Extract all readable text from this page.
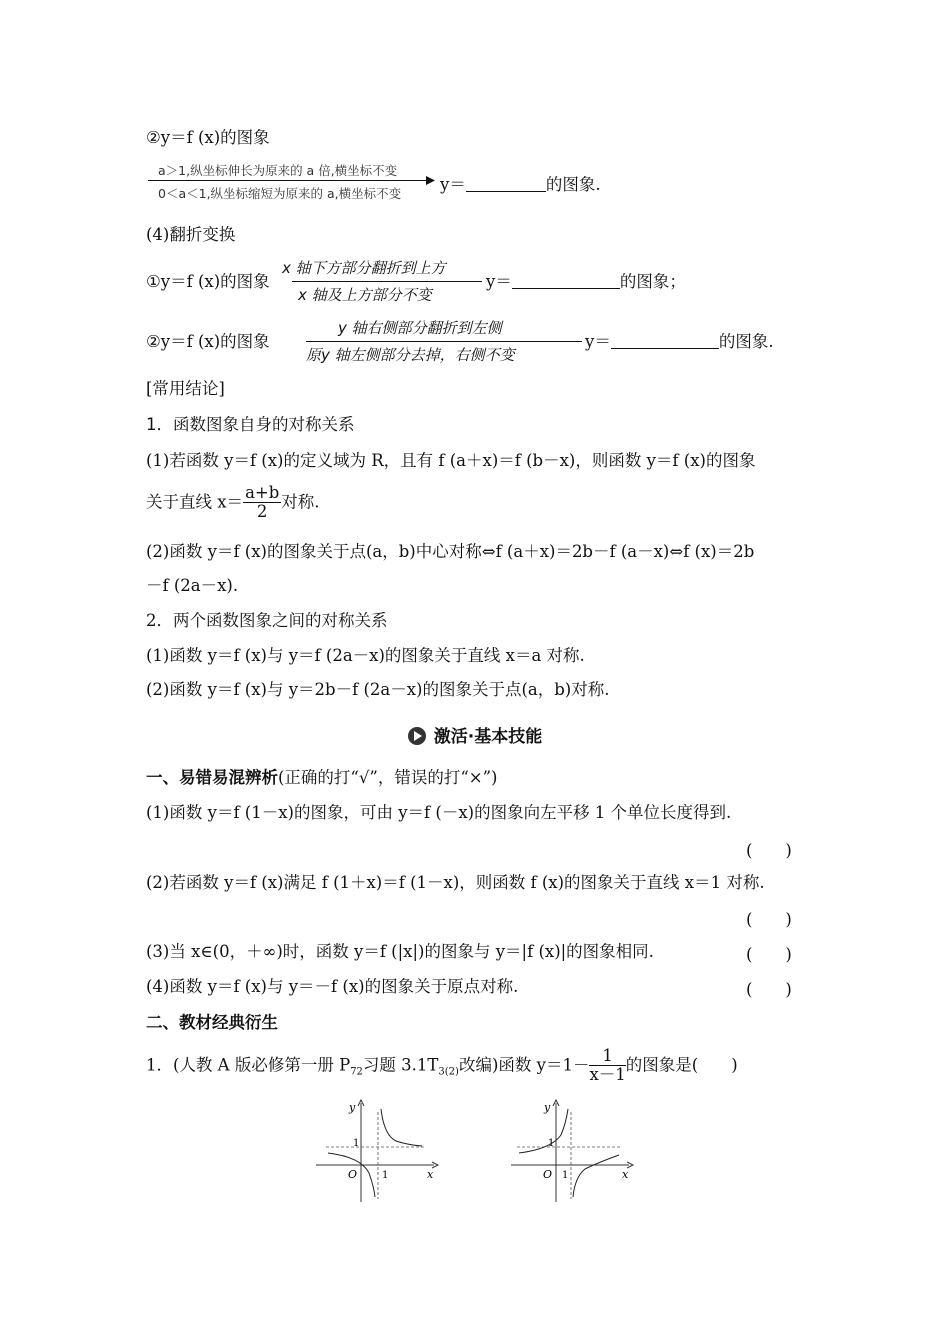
②y＝f (x)的图象
a＞1,纵坐标伸长为原来的 a 倍,横坐标不变
0＜a＜1,纵坐标缩短为原来的 a,横坐标不变 y＝	的图象.
(4)翻折变换
①y＝f (x)的图象
x 轴下方部分翻折到上方
x 轴及上方部分不变
y＝	的图象；
②y＝f (x)的图象
y 轴右侧部分翻折到左侧
原y 轴左侧部分去掉，右侧不变
y＝	的图象.
[常用结论]
1．函数图象自身的对称关系
(1)若函数 y＝f (x)的定义域为 R，且有 f (a＋x)＝f (b－x)，则函数 y＝f (x)的图象
关于直线 $x= \frac{a+b}{2}$ 对称.
(2)函数 y＝f (x)的图象关于点(a，b)中心对称⇔f (a＋x)＝2b－f (a－x)⇔f (x)＝2b
－f (2a－x).
2．两个函数图象之间的对称关系
(1)函数 y＝f (x)与 y＝f (2a－x)的图象关于直线 x＝a 对称.
(2)函数 y＝f (x)与 y＝2b－f (2a－x)的图象关于点(a，b)对称.
激活·基本技能
一、易错易混辨析(正确的打“√”，错误的打“×”)
(1)函数 y＝f (1－x)的图象，可由 y＝f (－x)的图象向左平移 1 个单位长度得到.
(　　)
(2)若函数 y＝f (x)满足 f (1＋x)＝f (1－x)，则函数 f (x)的图象关于直线 x＝1 对称.
(　　)
(3)当 x∈(0，＋∞)时，函数 y＝f (|x|)的图象与 y＝|f (x)|的图象相同.	(　　)
(4)函数 y＝f (x)与 y＝－f (x)的图象关于原点对称.	(　　)
二、教材经典衍生
1．(人教 A 版必修第一册 $P_{72}$习题 $3.1T_{3(2)}$改编)函数 $y=1- \frac{1}{x-1}$ 的图象是(　　)
y
x
O
1
1
y
x
O
1
1
